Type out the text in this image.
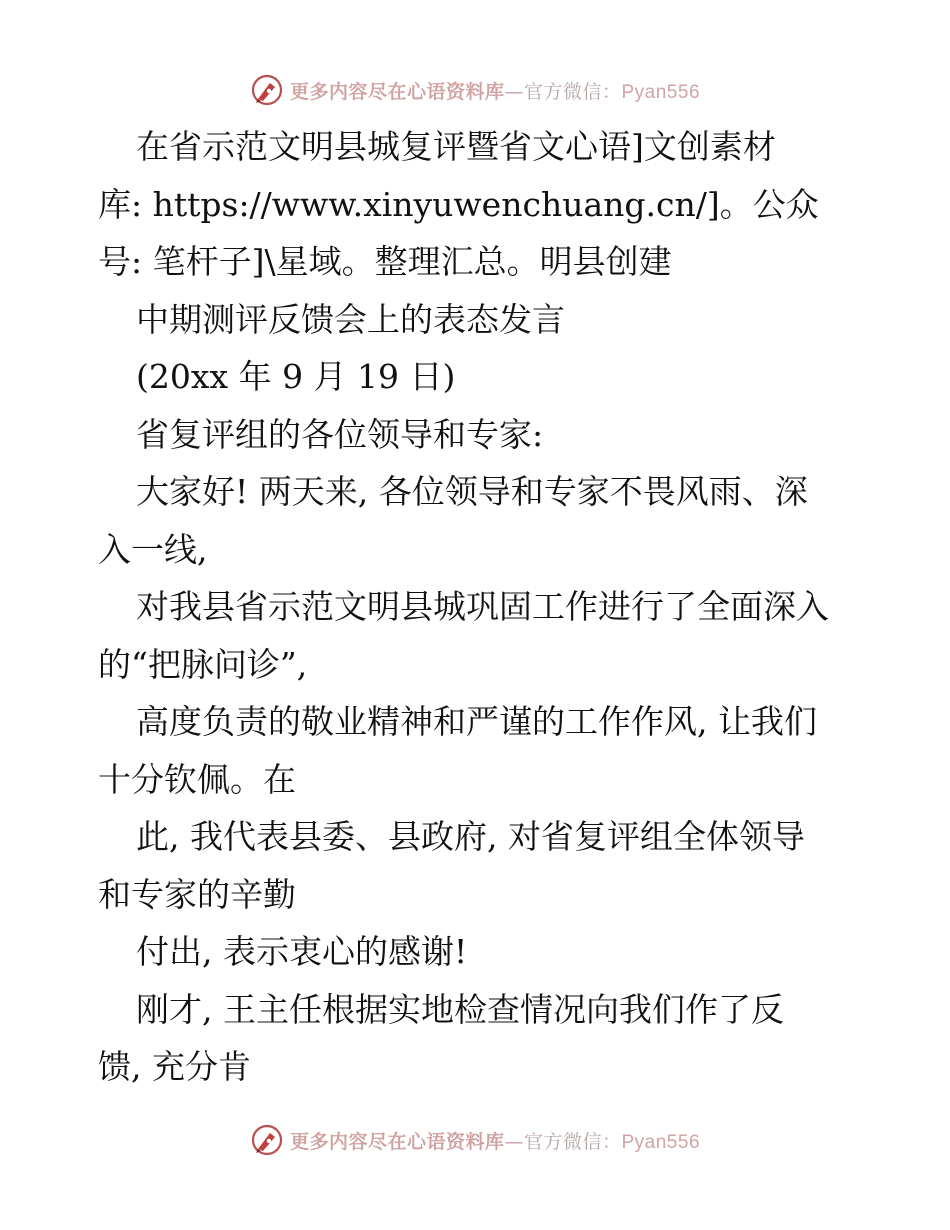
更多内容尽在心语资料库—官方微信：Pyan556
在省示范文明县城复评暨省文心语]文创素材
库: https://www.xinyuwenchuang.cn/]。公众
号: 笔杆子]\星域。整理汇总。明县创建
中期测评反馈会上的表态发言
(20xx 年 9 月 19 日)
省复评组的各位领导和专家:
大家好! 两天来, 各位领导和专家不畏风雨、深
入一线,
对我县省示范文明县城巩固工作进行了全面深入
的“把脉问诊”,
高度负责的敬业精神和严谨的工作作风, 让我们
十分钦佩。在
此, 我代表县委、县政府, 对省复评组全体领导
和专家的辛勤
付出, 表示衷心的感谢!
刚才, 王主任根据实地检查情况向我们作了反
馈, 充分肯
更多内容尽在心语资料库—官方微信：Pyan556
